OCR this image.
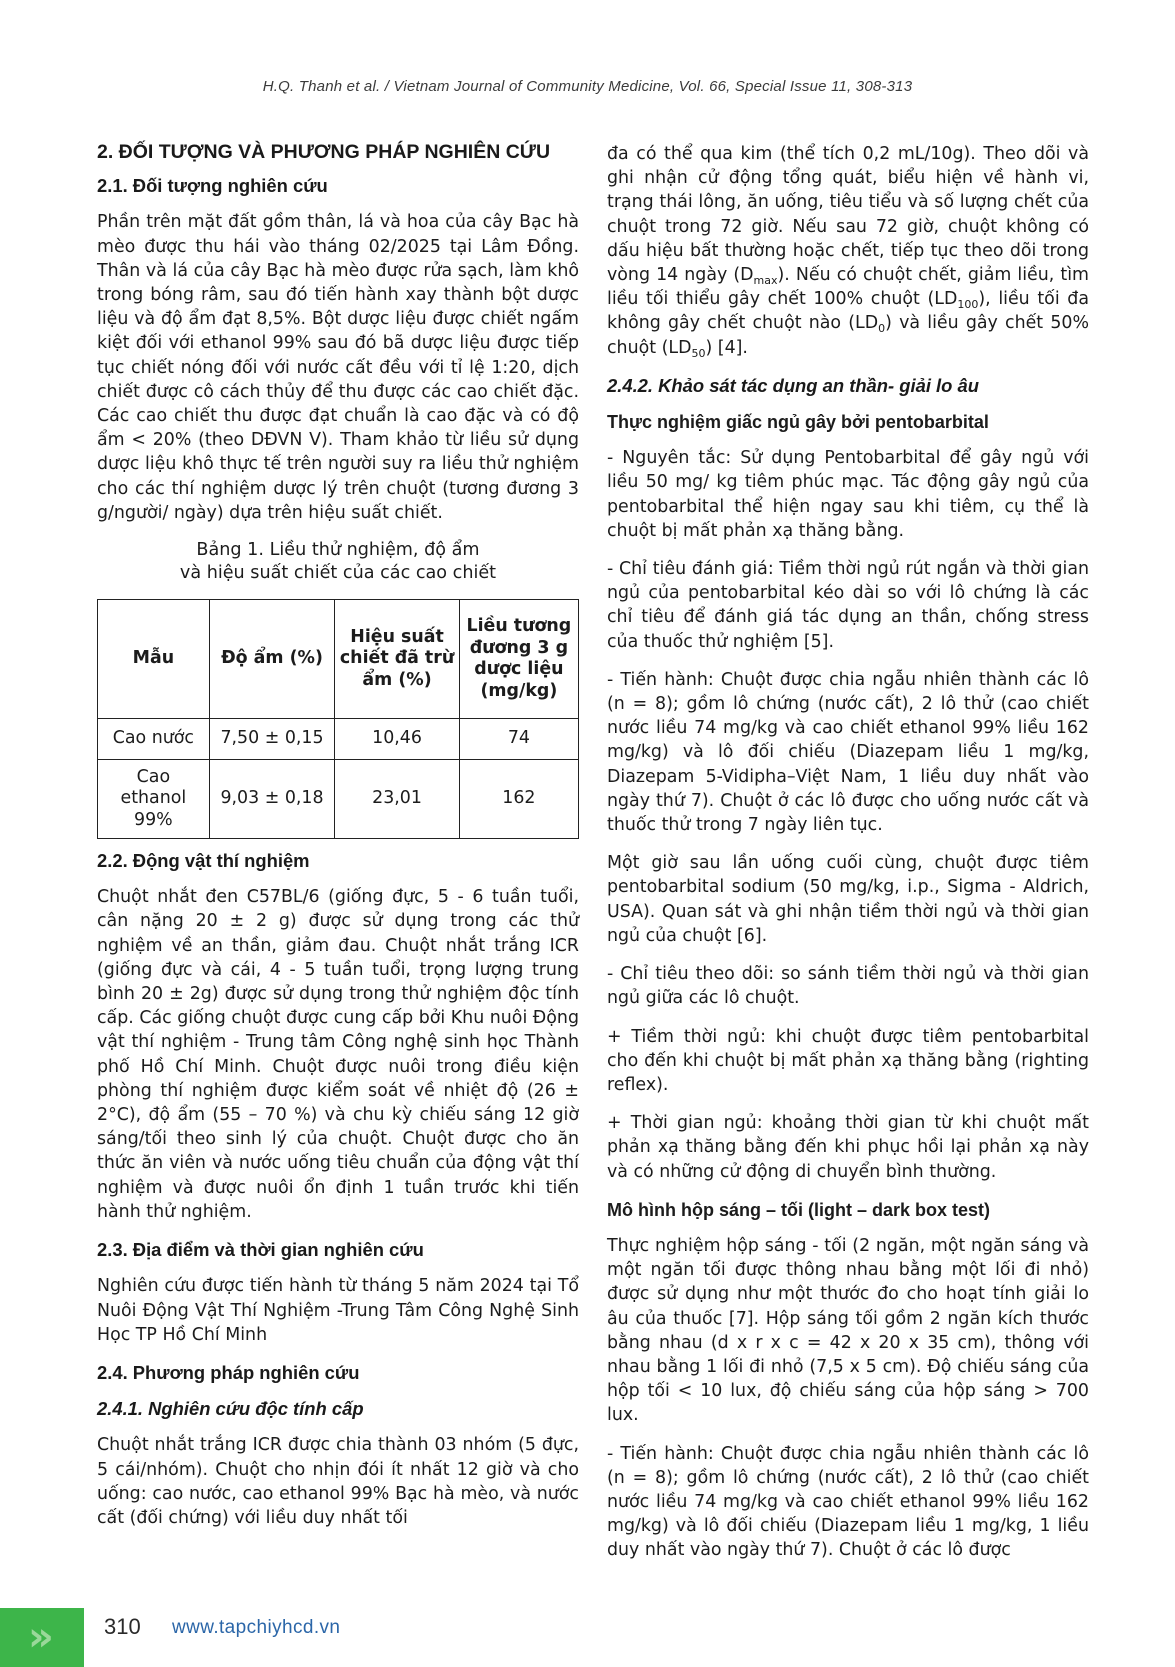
H.Q. Thanh et al. / Vietnam Journal of Community Medicine, Vol. 66, Special Issue 11, 308-313
2. ĐỐI TƯỢNG VÀ PHƯƠNG PHÁP NGHIÊN CỨU
2.1. Đối tượng nghiên cứu

Phần trên mặt đất gồm thân, lá và hoa của cây Bạc hà mèo được thu hái vào tháng 02/2025 tại Lâm Đồng. Thân và lá của cây Bạc hà mèo được rửa sạch, làm khô trong bóng râm, sau đó tiến hành xay thành bột dược liệu và độ ẩm đạt 8,5%. Bột dược liệu được chiết ngấm kiệt đối với ethanol 99% sau đó bã dược liệu được tiếp tục chiết nóng đối với nước cất đều với tỉ lệ 1:20, dịch chiết được cô cách thủy để thu được các cao chiết đặc. Các cao chiết thu được đạt chuẩn là cao đặc và có độ ẩm < 20% (theo DĐVN V). Tham khảo từ liều sử dụng dược liệu khô thực tế trên người suy ra liều thử nghiệm cho các thí nghiệm dược lý trên chuột (tương đương 3 g/người/ ngày) dựa trên hiệu suất chiết.

Bảng 1. Liều thử nghiệm, độ ẩm
và hiệu suất chiết của các cao chiết
Mẫu	Độ ẩm (%)	Hiệu suất chiết đã trừ ẩm (%)	Liều tương đương 3 g dược liệu (mg/kg)
Cao nước	7,50 ± 0,15	10,46	74
Cao ethanol 99%	9,03 ± 0,18	23,01	162
2.2. Động vật thí nghiệm

Chuột nhắt đen C57BL/6 (giống đực, 5 - 6 tuần tuổi, cân nặng 20 ± 2 g) được sử dụng trong các thử nghiệm về an thần, giảm đau. Chuột nhắt trắng ICR (giống đực và cái, 4 - 5 tuần tuổi, trọng lượng trung bình 20 ± 2g) được sử dụng trong thử nghiệm độc tính cấp. Các giống chuột được cung cấp bởi Khu nuôi Động vật thí nghiệm - Trung tâm Công nghệ sinh học Thành phố Hồ Chí Minh. Chuột được nuôi trong điều kiện phòng thí nghiệm được kiểm soát về nhiệt độ (26 ± 2°C), độ ẩm (55 – 70 %) và chu kỳ chiếu sáng 12 giờ sáng/tối theo sinh lý của chuột. Chuột được cho ăn thức ăn viên và nước uống tiêu chuẩn của động vật thí nghiệm và được nuôi ổn định 1 tuần trước khi tiến hành thử nghiệm.

2.3. Địa điểm và thời gian nghiên cứu

Nghiên cứu được tiến hành từ tháng 5 năm 2024 tại Tổ Nuôi Động Vật Thí Nghiệm -Trung Tâm Công Nghệ Sinh Học TP Hồ Chí Minh

2.4. Phương pháp nghiên cứu
2.4.1. Nghiên cứu độc tính cấp

Chuột nhắt trắng ICR được chia thành 03 nhóm (5 đực, 5 cái/nhóm). Chuột cho nhịn đói ít nhất 12 giờ và cho uống: cao nước, cao ethanol 99% Bạc hà mèo, và nước cất (đối chứng) với liều duy nhất tối

đa có thể qua kim (thể tích 0,2 mL/10g). Theo dõi và ghi nhận cử động tổng quát, biểu hiện về hành vi, trạng thái lông, ăn uống, tiêu tiểu và số lượng chết của chuột trong 72 giờ. Nếu sau 72 giờ, chuột không có dấu hiệu bất thường hoặc chết, tiếp tục theo dõi trong vòng 14 ngày $(D_{max})$. Nếu có chuột chết, giảm liều, tìm liều tối thiểu gây chết 100% chuột $(LD_{100})$, liều tối đa không gây chết chuột nào $(LD_0)$ và liều gây chết 50% chuột $(LD_{50})$ [4].

2.4.2. Khảo sát tác dụng an thần- giải lo âu
Thực nghiệm giấc ngủ gây bởi pentobarbital

- Nguyên tắc: Sử dụng Pentobarbital để gây ngủ với liều 50 mg/ kg tiêm phúc mạc. Tác động gây ngủ của pentobarbital thể hiện ngay sau khi tiêm, cụ thể là chuột bị mất phản xạ thăng bằng.

- Chỉ tiêu đánh giá: Tiềm thời ngủ rút ngắn và thời gian ngủ của pentobarbital kéo dài so với lô chứng là các chỉ tiêu để đánh giá tác dụng an thần, chống stress của thuốc thử nghiệm [5].

- Tiến hành: Chuột được chia ngẫu nhiên thành các lô (n = 8); gồm lô chứng (nước cất), 2 lô thử (cao chiết nước liều 74 mg/kg và cao chiết ethanol 99% liều 162 mg/kg) và lô đối chiếu (Diazepam liều 1 mg/kg, Diazepam 5-Vidipha–Việt Nam, 1 liều duy nhất vào ngày thứ 7). Chuột ở các lô được cho uống nước cất và thuốc thử trong 7 ngày liên tục.

Một giờ sau lần uống cuối cùng, chuột được tiêm pentobarbital sodium (50 mg/kg, i.p., Sigma - Aldrich, USA). Quan sát và ghi nhận tiềm thời ngủ và thời gian ngủ của chuột [6].

- Chỉ tiêu theo dõi: so sánh tiềm thời ngủ và thời gian ngủ giữa các lô chuột.

+ Tiềm thời ngủ: khi chuột được tiêm pentobarbital cho đến khi chuột bị mất phản xạ thăng bằng (righting reflex).

+ Thời gian ngủ: khoảng thời gian từ khi chuột mất phản xạ thăng bằng đến khi phục hồi lại phản xạ này và có những cử động di chuyển bình thường.

Mô hình hộp sáng – tối (light – dark box test)

Thực nghiệm hộp sáng - tối (2 ngăn, một ngăn sáng và một ngăn tối được thông nhau bằng một lối đi nhỏ) được sử dụng như một thước đo cho hoạt tính giải lo âu của thuốc [7]. Hộp sáng tối gồm 2 ngăn kích thước bằng nhau (d x r x c = 42 x 20 x 35 cm), thông với nhau bằng 1 lối đi nhỏ (7,5 x 5 cm). Độ chiếu sáng của hộp tối < 10 lux, độ chiếu sáng của hộp sáng > 700 lux.

- Tiến hành: Chuột được chia ngẫu nhiên thành các lô (n = 8); gồm lô chứng (nước cất), 2 lô thử (cao chiết nước liều 74 mg/kg và cao chiết ethanol 99% liều 162 mg/kg) và lô đối chiếu (Diazepam liều 1 mg/kg, 1 liều duy nhất vào ngày thứ 7). Chuột ở các lô được

»	310 www.tapchiyhcd.vn
